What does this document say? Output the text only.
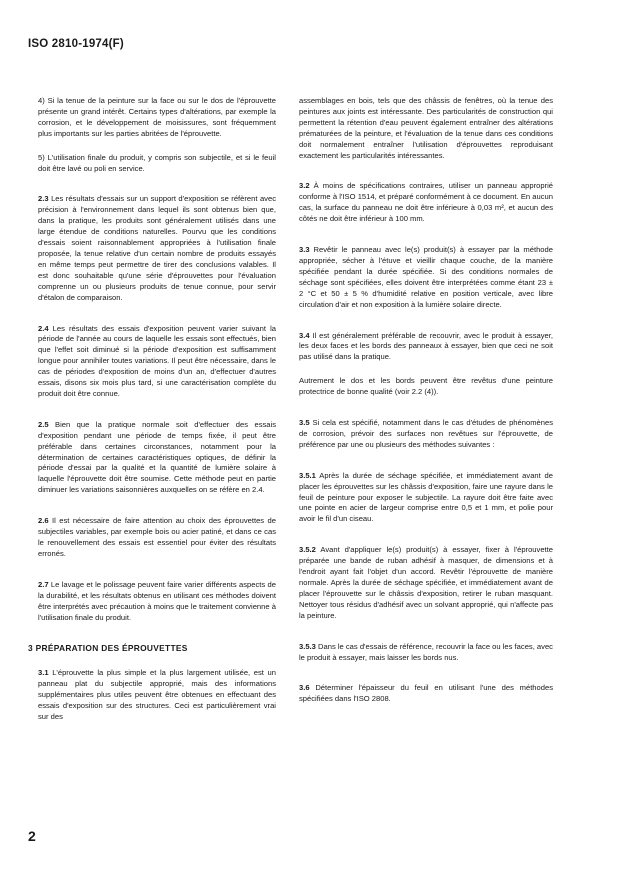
ISO 2810-1974(F)

4) Si la tenue de la peinture sur la face ou sur le dos de l'éprouvette présente un grand intérêt. Certains types d'altérations, par exemple la corrosion, et le développement de moisissures, sont fréquemment plus importants sur les parties abritées de l'éprouvette.

5) L'utilisation finale du produit, y compris son subjectile, et si le feuil doit être lavé ou poli en service.

2.3 Les résultats d'essais sur un support d'exposition se réfèrent avec précision à l'environnement dans lequel ils sont obtenus bien que, dans la pratique, les produits sont généralement utilisés dans une large étendue de conditions naturelles. Pourvu que les conditions d'essais soient raisonnablement appropriées à l'utilisation finale proposée, la tenue relative d'un certain nombre de produits essayés en même temps peut permettre de tirer des conclusions valables. Il est donc souhaitable qu'une série d'éprouvettes pour l'évaluation comprenne un ou plusieurs produits de tenue connue, pour servir d'étalon de comparaison.

2.4 Les résultats des essais d'exposition peuvent varier suivant la période de l'année au cours de laquelle les essais sont effectués, bien que l'effet soit diminué si la période d'exposition est suffisamment longue pour annihiler toutes variations. Il peut être nécessaire, dans le cas de périodes d'exposition de moins d'un an, d'effectuer d'autres essais, disons six mois plus tard, si une caractérisation complète du produit doit être connue.

2.5 Bien que la pratique normale soit d'effectuer des essais d'exposition pendant une période de temps fixée, il peut être préférable dans certaines circonstances, notamment pour la détermination de certaines caractéristiques optiques, de définir la période d'essai par la qualité et la quantité de lumière solaire à laquelle l'éprouvette doit être soumise. Cette méthode peut en partie diminuer les variations saisonnières auxquelles on se réfère en 2.4.

2.6 Il est nécessaire de faire attention au choix des éprouvettes de subjectiles variables, par exemple bois ou acier patiné, et dans ce cas le renouvellement des essais est essentiel pour éviter des résultats erronés.

2.7 Le lavage et le polissage peuvent faire varier différents aspects de la durabilité, et les résultats obtenus en utilisant ces méthodes doivent être interprétés avec précaution à moins que le traitement convienne à l'utilisation finale du produit.

3 PRÉPARATION DES ÉPROUVETTES

3.1 L'éprouvette la plus simple et la plus largement utilisée, est un panneau plat du subjectile approprié, mais des informations supplémentaires plus utiles peuvent être obtenues en effectuant des essais d'exposition sur des structures. Ceci est particulièrement vrai sur des

assemblages en bois, tels que des châssis de fenêtres, où la tenue des peintures aux joints est intéressante. Des particularités de construction qui permettent la rétention d'eau peuvent également entraîner des altérations prématurées de la peinture, et l'évaluation de la tenue dans ces conditions doit normalement entraîner l'utilisation d'éprouvettes reproduisant exactement les particularités intéressantes.

3.2 À moins de spécifications contraires, utiliser un panneau approprié conforme à l'ISO 1514, et préparé conformément à ce document. En aucun cas, la surface du panneau ne doit être inférieure à 0,03 m², et aucun des côtés ne doit être inférieur à 100 mm.

3.3 Revêtir le panneau avec le(s) produit(s) à essayer par la méthode appropriée, sécher à l'étuve et vieillir chaque couche, de la manière spécifiée pendant la durée spécifiée. Si des conditions normales de séchage sont spécifiées, elles doivent être interprétées comme étant 23 ± 2 °C et 50 ± 5 % d'humidité relative en position verticale, avec libre circulation d'air et non exposition à la lumière solaire directe.

3.4 Il est généralement préférable de recouvrir, avec le produit à essayer, les deux faces et les bords des panneaux à essayer, bien que ceci ne soit pas utilisé dans la pratique.

Autrement le dos et les bords peuvent être revêtus d'une peinture protectrice de bonne qualité (voir 2.2 (4)).

3.5 Si cela est spécifié, notamment dans le cas d'études de phénomènes de corrosion, prévoir des surfaces non revêtues sur l'éprouvette, de préférence par une ou plusieurs des méthodes suivantes :

3.5.1 Après la durée de séchage spécifiée, et immédiatement avant de placer les éprouvettes sur les châssis d'exposition, faire une rayure dans le feuil de peinture pour exposer le subjectile. La rayure doit être faite avec une pointe en acier de largeur comprise entre 0,5 et 1 mm, et polie pour avoir le fil d'un ciseau.

3.5.2 Avant d'appliquer le(s) produit(s) à essayer, fixer à l'éprouvette préparée une bande de ruban adhésif à masquer, de dimensions et à l'endroit ayant fait l'objet d'un accord. Revêtir l'éprouvette de manière normale. Après la durée de séchage spécifiée, et immédiatement avant de placer l'éprouvette sur le châssis d'exposition, retirer le ruban masquant. Nettoyer tous résidus d'adhésif avec un solvant approprié, qui n'affecte pas la peinture.

3.5.3 Dans le cas d'essais de référence, recouvrir la face ou les faces, avec le produit à essayer, mais laisser les bords nus.

3.6 Déterminer l'épaisseur du feuil en utilisant l'une des méthodes spécifiées dans l'ISO 2808.

2
